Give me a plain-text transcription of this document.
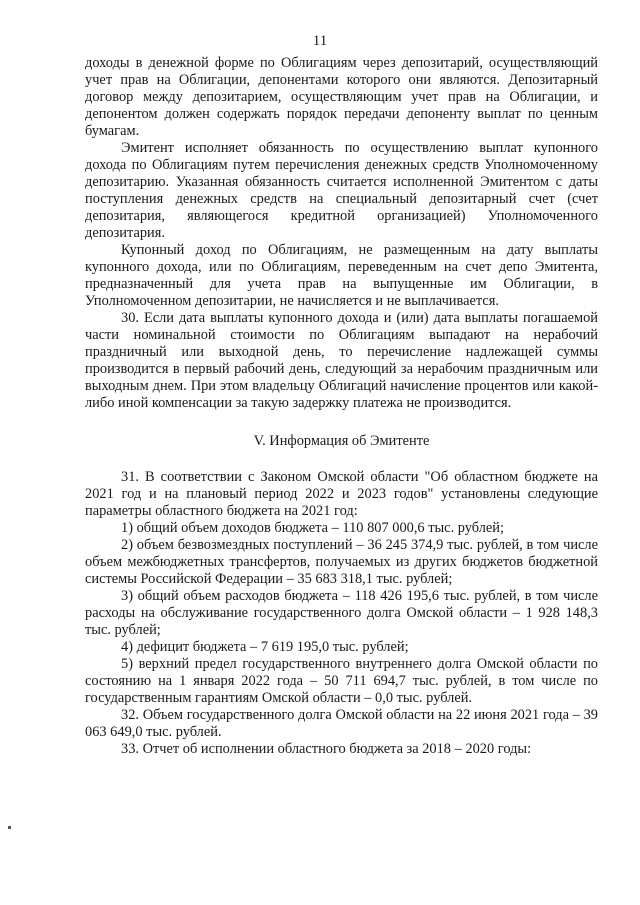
11

доходы в денежной форме по Облигациям через депозитарий, осуществляющий учет прав на Облигации, депонентами которого они являются. Депозитарный договор между депозитарием, осуществляющим учет прав на Облигации, и депонентом должен содержать порядок передачи депоненту выплат по ценным бумагам.

Эмитент исполняет обязанность по осуществлению выплат купонного дохода по Облигациям путем перечисления денежных средств Уполномоченному депозитарию. Указанная обязанность считается исполненной Эмитентом с даты поступления денежных средств на специальный депозитарный счет (счет депозитария, являющегося кредитной организацией) Уполномоченного депозитария.

Купонный доход по Облигациям, не размещенным на дату выплаты купонного дохода, или по Облигациям, переведенным на счет депо Эмитента, предназначенный для учета прав на выпущенные им Облигации, в Уполномоченном депозитарии, не начисляется и не выплачивается.

30. Если дата выплаты купонного дохода и (или) дата выплаты погашаемой части номинальной стоимости по Облигациям выпадают на нерабочий праздничный или выходной день, то перечисление надлежащей суммы производится в первый рабочий день, следующий за нерабочим праздничным или выходным днем. При этом владельцу Облигаций начисление процентов или какой-либо иной компенсации за такую задержку платежа не производится.

V. Информация об Эмитенте

31. В соответствии с Законом Омской области "Об областном бюджете на 2021 год и на плановый период 2022 и 2023 годов" установлены следующие параметры областного бюджета на 2021 год:

1) общий объем доходов бюджета – 110 807 000,6 тыс. рублей;

2) объем безвозмездных поступлений – 36 245 374,9 тыс. рублей, в том числе объем межбюджетных трансфертов, получаемых из других бюджетов бюджетной системы Российской Федерации – 35 683 318,1 тыс. рублей;

3) общий объем расходов бюджета – 118 426 195,6 тыс. рублей, в том числе расходы на обслуживание государственного долга Омской области – 1 928 148,3 тыс. рублей;

4) дефицит бюджета – 7 619 195,0 тыс. рублей;

5) верхний предел государственного внутреннего долга Омской области по состоянию на 1 января 2022 года – 50 711 694,7 тыс. рублей, в том числе по государственным гарантиям Омской области – 0,0 тыс. рублей.

32. Объем государственного долга Омской области на 22 июня 2021 года – 39 063 649,0 тыс. рублей.

33. Отчет об исполнении областного бюджета за 2018 – 2020 годы:
